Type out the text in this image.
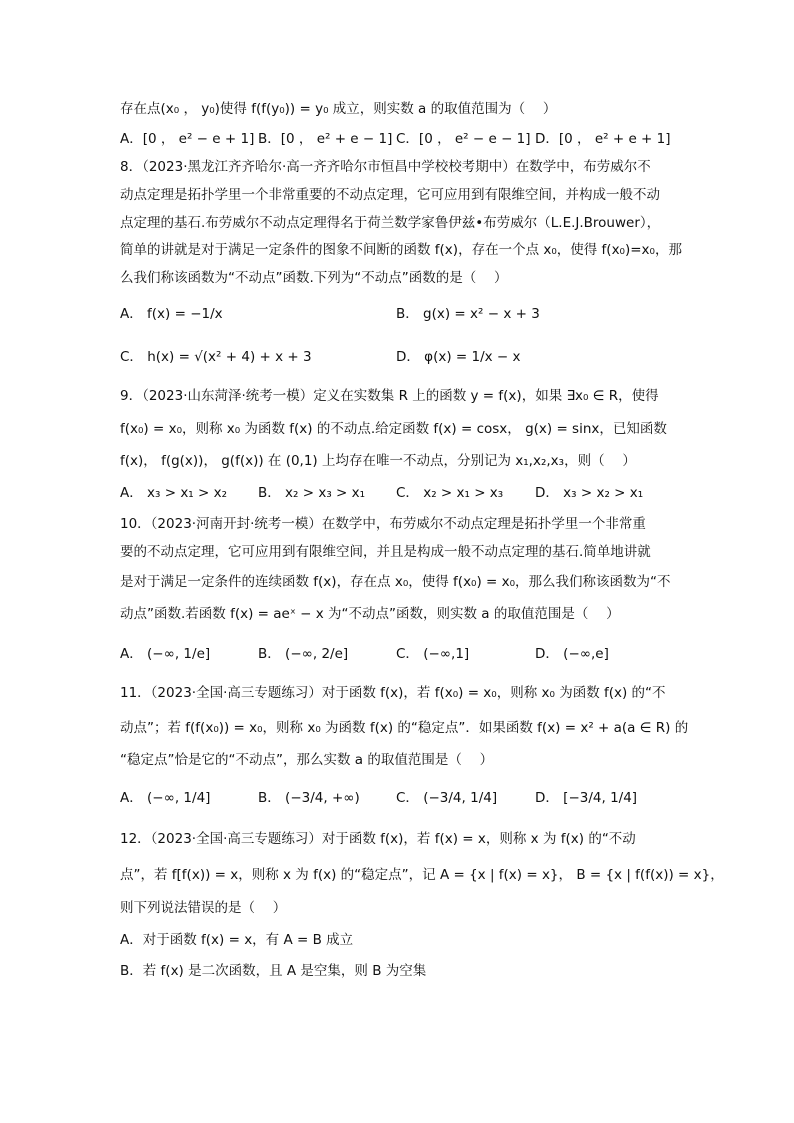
存在点(x₀ ， y₀)使得 f(f(y₀)) = y₀ 成立，则实数 a 的取值范围为（　 ）
A．[0 ， e² − e + 1] B．[0 ， e² + e − 1] C．[0 ， e² − e − 1] D．[0 ， e² + e + 1]
8．（2023·黑龙江齐齐哈尔·高一齐齐哈尔市恒昌中学校校考期中）在数学中，布劳威尔不
动点定理是拓扑学里一个非常重要的不动点定理，它可应用到有限维空间，并构成一般不动
点定理的基石.布劳威尔不动点定理得名于荷兰数学家鲁伊兹•布劳威尔（L.E.J.Brouwer），
简单的讲就是对于满足一定条件的图象不间断的函数 f(x)，存在一个点 x₀，使得 f(x₀)=x₀，那
么我们称该函数为“不动点”函数.下列为“不动点”函数的是（　 ）
A． f(x) = −1/x	B． g(x) = x² − x + 3
C． h(x) = √(x² + 4) + x + 3	D． φ(x) = 1/x − x
9．（2023·山东菏泽·统考一模）定义在实数集 R 上的函数 y = f(x)，如果 ∃x₀ ∈ R，使得
f(x₀) = x₀，则称 x₀ 为函数 f(x) 的不动点.给定函数 f(x) = cosx， g(x) = sinx，已知函数
f(x)， f(g(x))， g(f(x)) 在 (0,1) 上均存在唯一不动点，分别记为 x₁,x₂,x₃，则（　 ）
A． x₃ > x₁ > x₂ B． x₂ > x₃ > x₁ C． x₂ > x₁ > x₃ D． x₃ > x₂ > x₁
10．（2023·河南开封·统考一模）在数学中，布劳威尔不动点定理是拓扑学里一个非常重
要的不动点定理，它可应用到有限维空间，并且是构成一般不动点定理的基石.简单地讲就
是对于满足一定条件的连续函数 f(x)，存在点 x₀，使得 f(x₀) = x₀，那么我们称该函数为“不
动点”函数.若函数 f(x) = aeˣ − x 为“不动点”函数，则实数 a 的取值范围是（　 ）
A． (−∞, 1/e]	B． (−∞, 2/e]	C． (−∞,1]	D． (−∞,e]
11．（2023·全国·高三专题练习）对于函数 f(x)，若 f(x₀) = x₀，则称 x₀ 为函数 f(x) 的“不
动点”；若 f(f(x₀)) = x₀，则称 x₀ 为函数 f(x) 的“稳定点”．如果函数 f(x) = x² + a(a ∈ R) 的
“稳定点”恰是它的“不动点”，那么实数 a 的取值范围是（　 ）
A． (−∞, 1/4]	B． (−3/4, +∞)	C． (−3/4, 1/4]	D． [−3/4, 1/4]
12．（2023·全国·高三专题练习）对于函数 f(x)，若 f(x) = x，则称 x 为 f(x) 的“不动
点”，若 f[f(x)) = x，则称 x 为 f(x) 的“稳定点”，记 A = {x | f(x) = x}， B = {x | f(f(x)) = x}，
则下列说法错误的是（　 ）
A．对于函数 f(x) = x，有 A = B 成立
B．若 f(x) 是二次函数，且 A 是空集，则 B 为空集
